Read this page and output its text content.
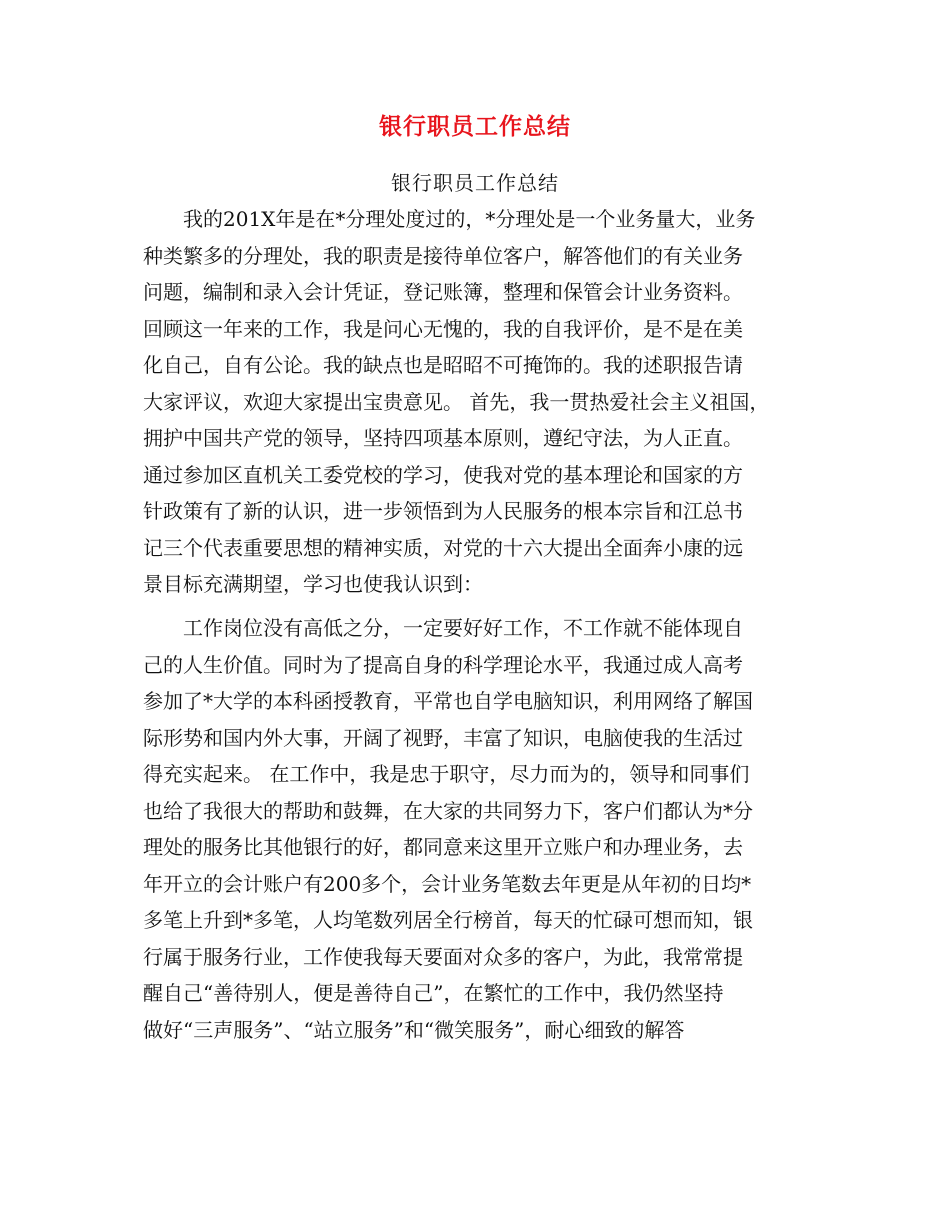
银行职员工作总结
银行职员工作总结
　　我的201X年是在*分理处度过的，*分理处是一个业务量大，业务
种类繁多的分理处，我的职责是接待单位客户，解答他们的有关业务
问题，编制和录入会计凭证，登记账簿，整理和保管会计业务资料。
回顾这一年来的工作，我是问心无愧的，我的自我评价，是不是在美
化自己，自有公论。我的缺点也是昭昭不可掩饰的。我的述职报告请
大家评议，欢迎大家提出宝贵意见。 首先，我一贯热爱社会主义祖国，
拥护中国共产党的领导，坚持四项基本原则，遵纪守法，为人正直。
通过参加区直机关工委党校的学习，使我对党的基本理论和国家的方
针政策有了新的认识，进一步领悟到为人民服务的根本宗旨和江总书
记三个代表重要思想的精神实质，对党的十六大提出全面奔小康的远
景目标充满期望，学习也使我认识到：
　　工作岗位没有高低之分，一定要好好工作，不工作就不能体现自
己的人生价值。同时为了提高自身的科学理论水平，我通过成人高考
参加了*大学的本科函授教育，平常也自学电脑知识，利用网络了解国
际形势和国内外大事，开阔了视野，丰富了知识，电脑使我的生活过
得充实起来。 在工作中，我是忠于职守，尽力而为的，领导和同事们
也给了我很大的帮助和鼓舞，在大家的共同努力下，客户们都认为*分
理处的服务比其他银行的好，都同意来这里开立账户和办理业务，去
年开立的会计账户有200多个，会计业务笔数去年更是从年初的日均*
多笔上升到*多笔，人均笔数列居全行榜首，每天的忙碌可想而知，银
行属于服务行业，工作使我每天要面对众多的客户，为此，我常常提
醒自己“善待别人，便是善待自己”，在繁忙的工作中，我仍然坚持
做好“三声服务”、“站立服务”和“微笑服务”，耐心细致的解答
